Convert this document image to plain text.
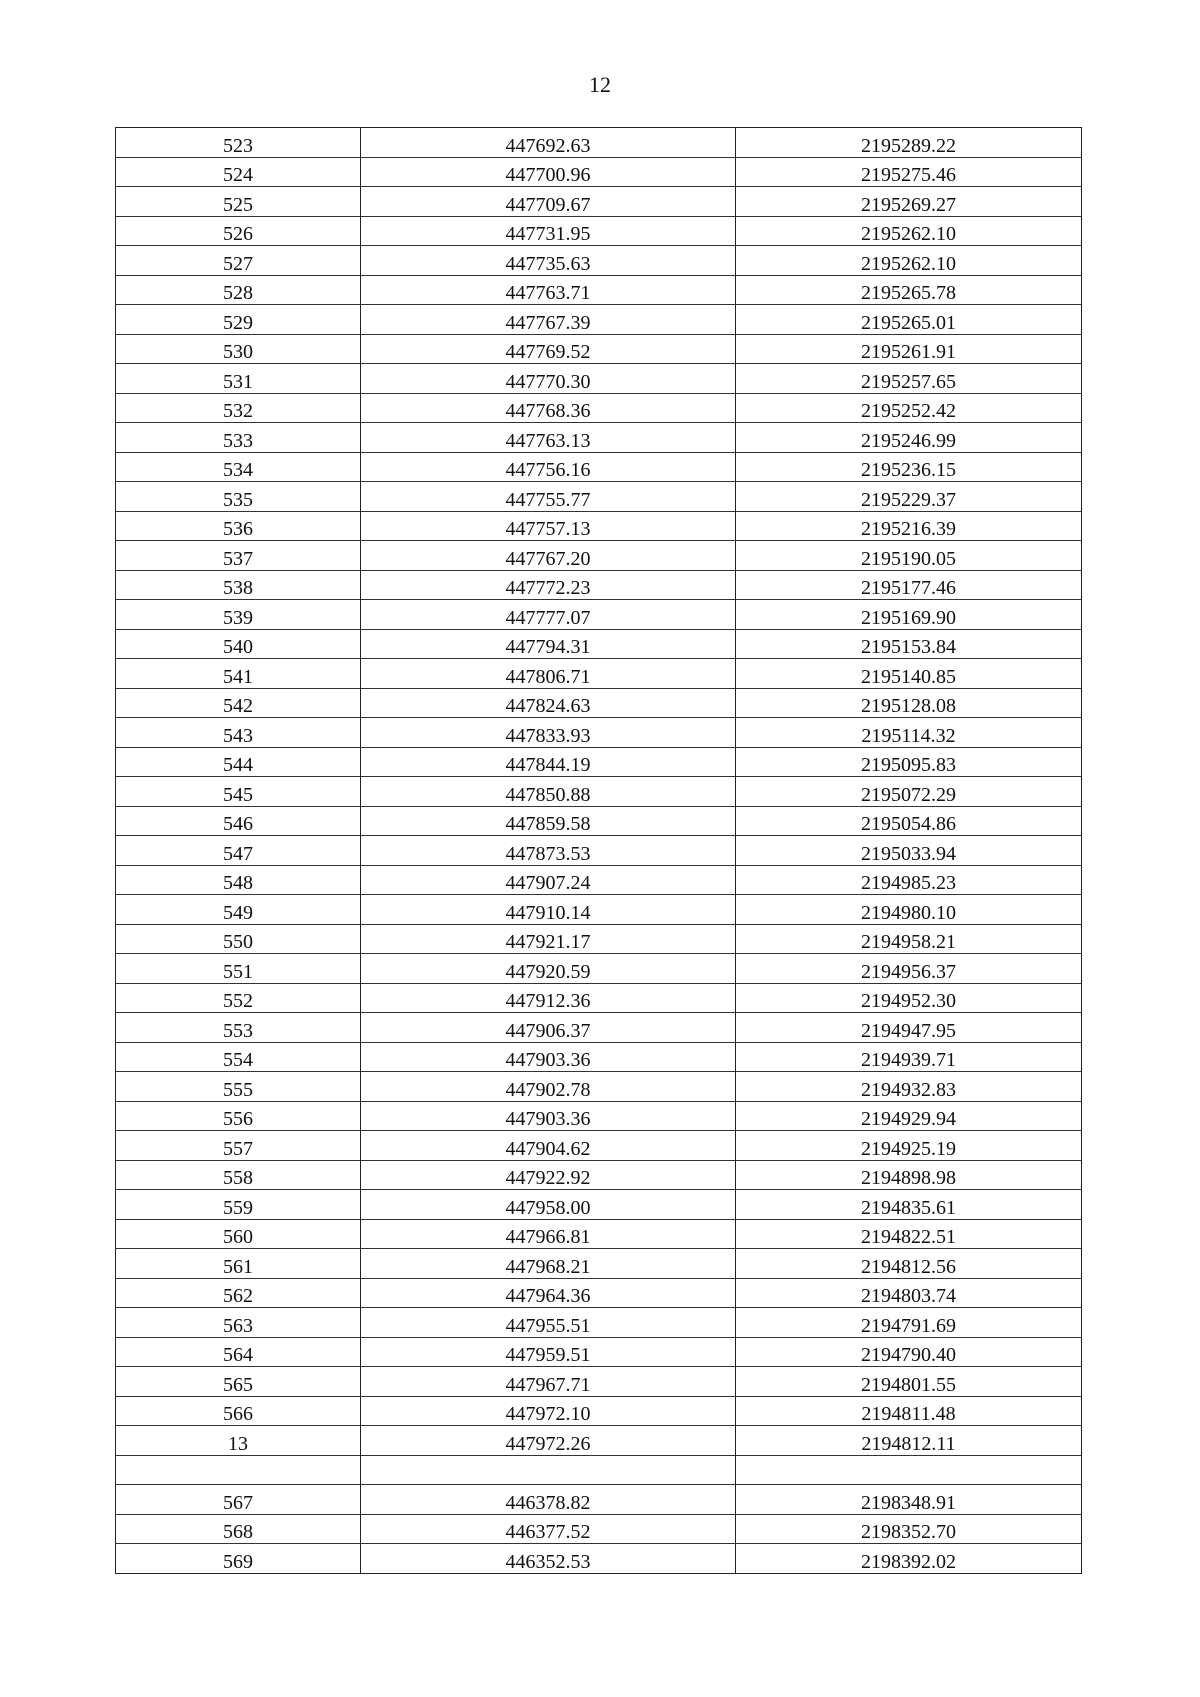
12
523	447692.63	2195289.22
524	447700.96	2195275.46
525	447709.67	2195269.27
526	447731.95	2195262.10
527	447735.63	2195262.10
528	447763.71	2195265.78
529	447767.39	2195265.01
530	447769.52	2195261.91
531	447770.30	2195257.65
532	447768.36	2195252.42
533	447763.13	2195246.99
534	447756.16	2195236.15
535	447755.77	2195229.37
536	447757.13	2195216.39
537	447767.20	2195190.05
538	447772.23	2195177.46
539	447777.07	2195169.90
540	447794.31	2195153.84
541	447806.71	2195140.85
542	447824.63	2195128.08
543	447833.93	2195114.32
544	447844.19	2195095.83
545	447850.88	2195072.29
546	447859.58	2195054.86
547	447873.53	2195033.94
548	447907.24	2194985.23
549	447910.14	2194980.10
550	447921.17	2194958.21
551	447920.59	2194956.37
552	447912.36	2194952.30
553	447906.37	2194947.95
554	447903.36	2194939.71
555	447902.78	2194932.83
556	447903.36	2194929.94
557	447904.62	2194925.19
558	447922.92	2194898.98
559	447958.00	2194835.61
560	447966.81	2194822.51
561	447968.21	2194812.56
562	447964.36	2194803.74
563	447955.51	2194791.69
564	447959.51	2194790.40
565	447967.71	2194801.55
566	447972.10	2194811.48
13	447972.26	2194812.11

567	446378.82	2198348.91
568	446377.52	2198352.70
569	446352.53	2198392.02
